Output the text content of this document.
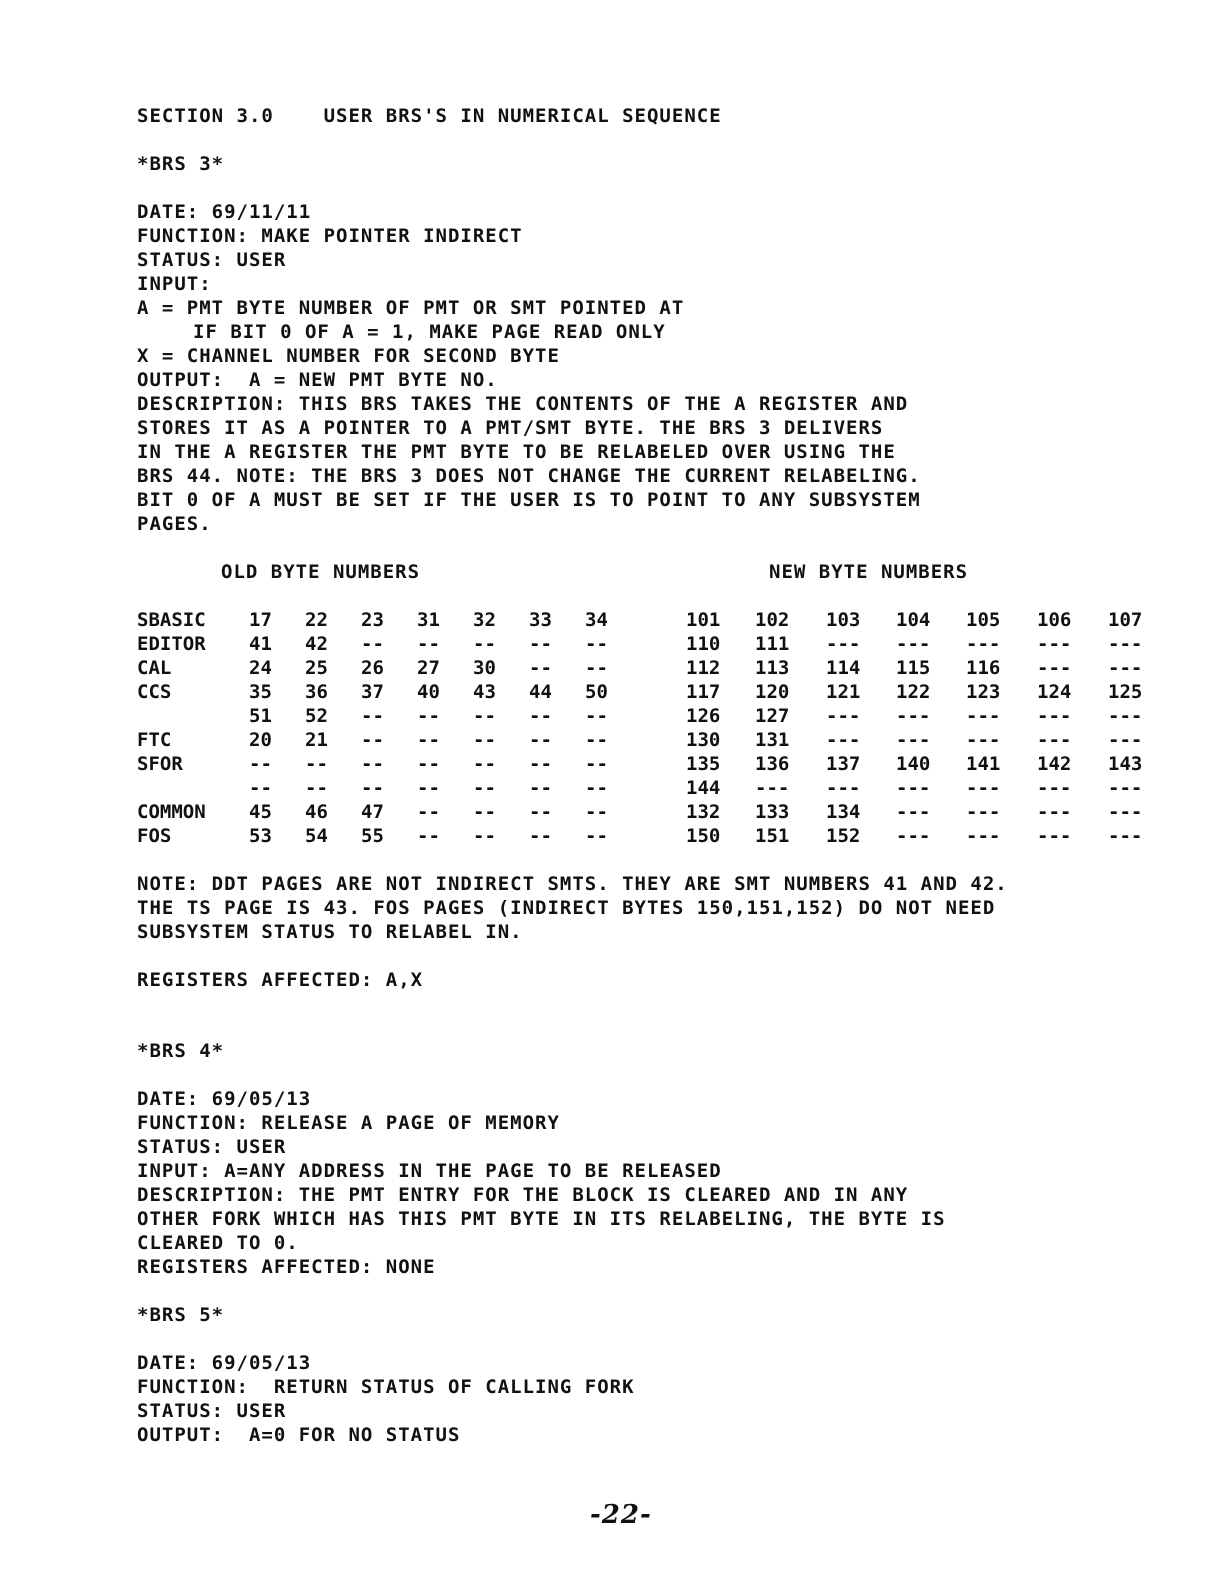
SECTION 3.0    USER BRS'S IN NUMERICAL SEQUENCE
*BRS 3*
DATE: 69/11/11
FUNCTION: MAKE POINTER INDIRECT
STATUS: USER
INPUT:
A = PMT BYTE NUMBER OF PMT OR SMT POINTED AT
IF BIT 0 OF A = 1, MAKE PAGE READ ONLY
X = CHANNEL NUMBER FOR SECOND BYTE
OUTPUT:  A = NEW PMT BYTE NO.
DESCRIPTION: THIS BRS TAKES THE CONTENTS OF THE A REGISTER AND
STORES IT AS A POINTER TO A PMT/SMT BYTE. THE BRS 3 DELIVERS
IN THE A REGISTER THE PMT BYTE TO BE RELABELED OVER USING THE
BRS 44. NOTE: THE BRS 3 DOES NOT CHANGE THE CURRENT RELABELING.
BIT 0 OF A MUST BE SET IF THE USER IS TO POINT TO ANY SUBSYSTEM
PAGES.
OLD BYTE NUMBERS	NEW BYTE NUMBERS
SBASIC 17 22 23 31 32 33 34	101 102 103 104 105 106 107
EDITOR 41 42 -- -- -- -- --	110 111 --- --- --- --- ---
CAL	24 25 26 27 30 -- --	112 113 114 115 116 --- ---
CCS	35 36 37 40 43 44 50	117 120 121 122 123 124 125
51 52 -- -- -- -- --	126 127 --- --- --- --- ---
FTC	20 21 -- -- -- -- --	130 131 --- --- --- --- ---
SFOR	-- -- -- -- -- -- --	135 136 137 140 141 142 143
-- -- -- -- -- -- --	144 --- --- --- --- --- ---
COMMON 45 46 47 -- -- -- --	132 133 134 --- --- --- ---
FOS	53 54 55 -- -- -- --	150 151 152 --- --- --- ---
NOTE: DDT PAGES ARE NOT INDIRECT SMTS. THEY ARE SMT NUMBERS 41 AND 42.
THE TS PAGE IS 43. FOS PAGES (INDIRECT BYTES 150,151,152) DO NOT NEED
SUBSYSTEM STATUS TO RELABEL IN.
REGISTERS AFFECTED: A,X
*BRS 4*
DATE: 69/05/13
FUNCTION: RELEASE A PAGE OF MEMORY
STATUS: USER
INPUT: A=ANY ADDRESS IN THE PAGE TO BE RELEASED
DESCRIPTION: THE PMT ENTRY FOR THE BLOCK IS CLEARED AND IN ANY
OTHER FORK WHICH HAS THIS PMT BYTE IN ITS RELABELING, THE BYTE IS
CLEARED TO 0.
REGISTERS AFFECTED: NONE
*BRS 5*
DATE: 69/05/13
FUNCTION:  RETURN STATUS OF CALLING FORK
STATUS: USER
OUTPUT:  A=0 FOR NO STATUS
-22-
